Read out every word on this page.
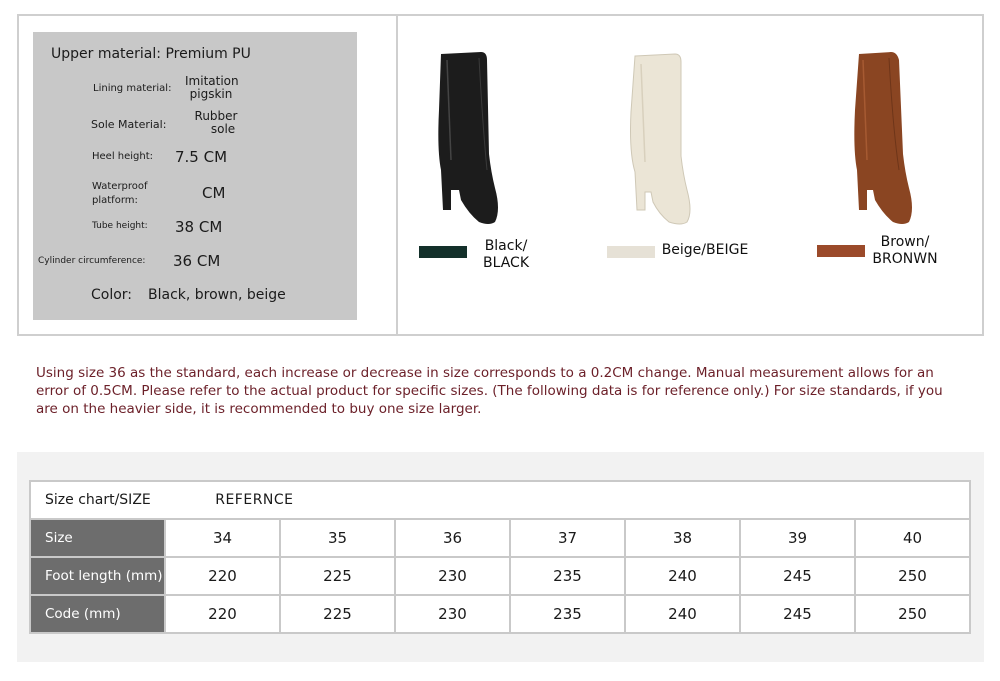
Upper material: Premium PU
Lining material:
Imitation
pigskin
Sole Material:
Rubber
sole
Heel height: 7.5 CM
Waterproof
platform:	CM
Tube height: 38 CM
Cylinder circumference: 36 CM
Color: Black, brown, beige
Black/
BLACK
Beige/BEIGE	Brown/
BRONWN
Using size 36 as the standard, each increase or decrease in size corresponds to a 0.2CM change. Manual measurement allows for an error of 0.5CM. Please refer to the actual product for specific sizes. (The following data is for reference only.) For size standards, if you are on the heavier side, it is recommended to buy one size larger.
Size chart/SIZE REFERNCE							
Size	34	35	36	37	38	39	40
Foot length (mm)	220	225	230	235	240	245	250
Code (mm)	220	225	230	235	240	245	250
